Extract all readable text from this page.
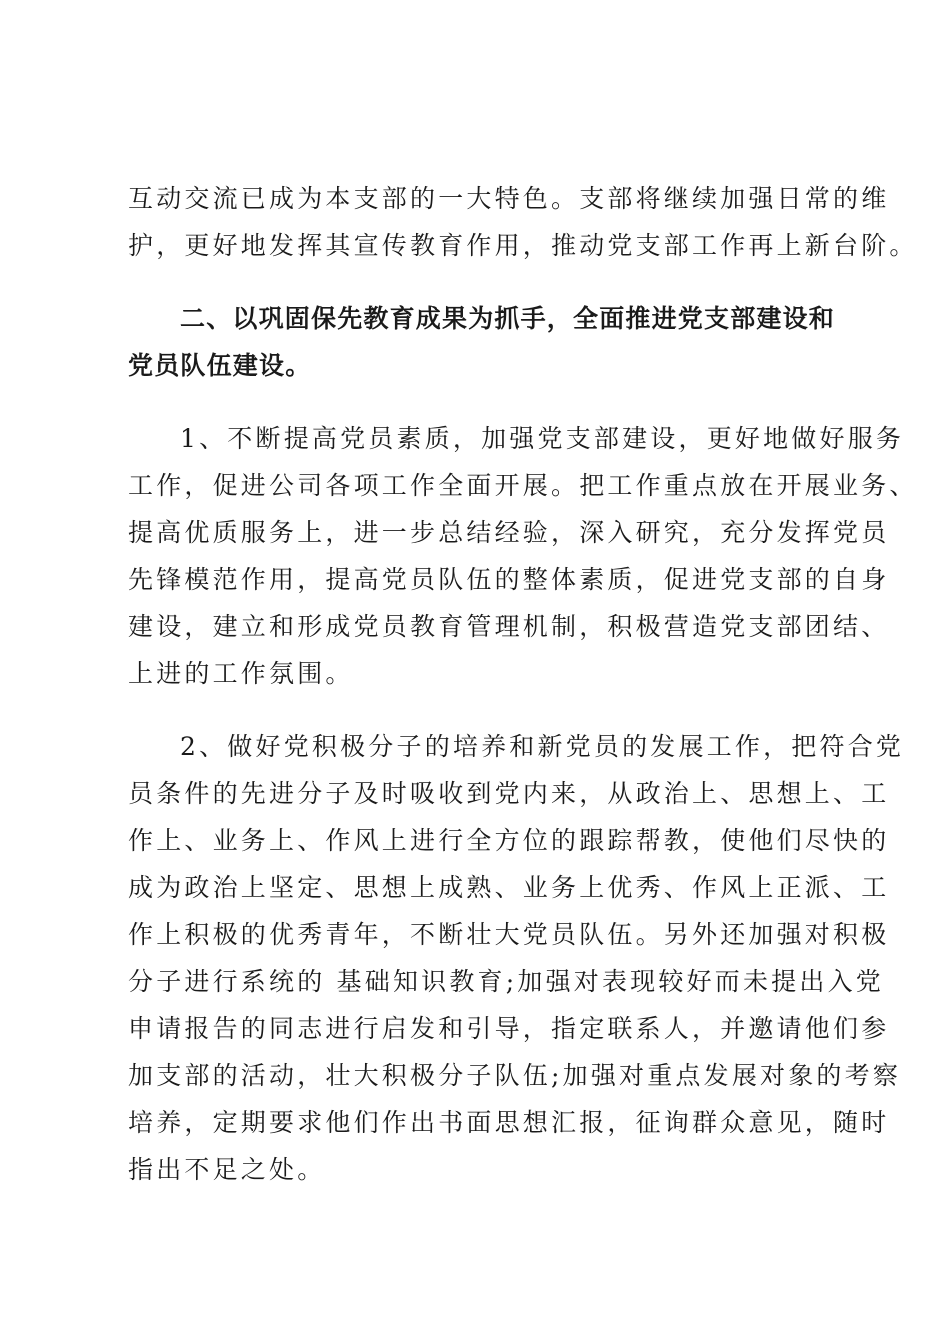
互动交流已成为本支部的一大特色。支部将继续加强日常的维
护，更好地发挥其宣传教育作用，推动党支部工作再上新台阶。

二、以巩固保先教育成果为抓手，全面推进党支部建设和
党员队伍建设。

1、不断提高党员素质，加强党支部建设，更好地做好服务
工作，促进公司各项工作全面开展。把工作重点放在开展业务、
提高优质服务上，进一步总结经验，深入研究，充分发挥党员
先锋模范作用，提高党员队伍的整体素质，促进党支部的自身
建设，建立和形成党员教育管理机制，积极营造党支部团结、
上进的工作氛围。

2、做好党积极分子的培养和新党员的发展工作，把符合党
员条件的先进分子及时吸收到党内来，从政治上、思想上、工
作上、业务上、作风上进行全方位的跟踪帮教，使他们尽快的
成为政治上坚定、思想上成熟、业务上优秀、作风上正派、工
作上积极的优秀青年，不断壮大党员队伍。另外还加强对积极
分子进行系统的 基础知识教育;加强对表现较好而未提出入党
申请报告的同志进行启发和引导，指定联系人，并邀请他们参
加支部的活动，壮大积极分子队伍;加强对重点发展对象的考察
培养，定期要求他们作出书面思想汇报，征询群众意见，随时
指出不足之处。
